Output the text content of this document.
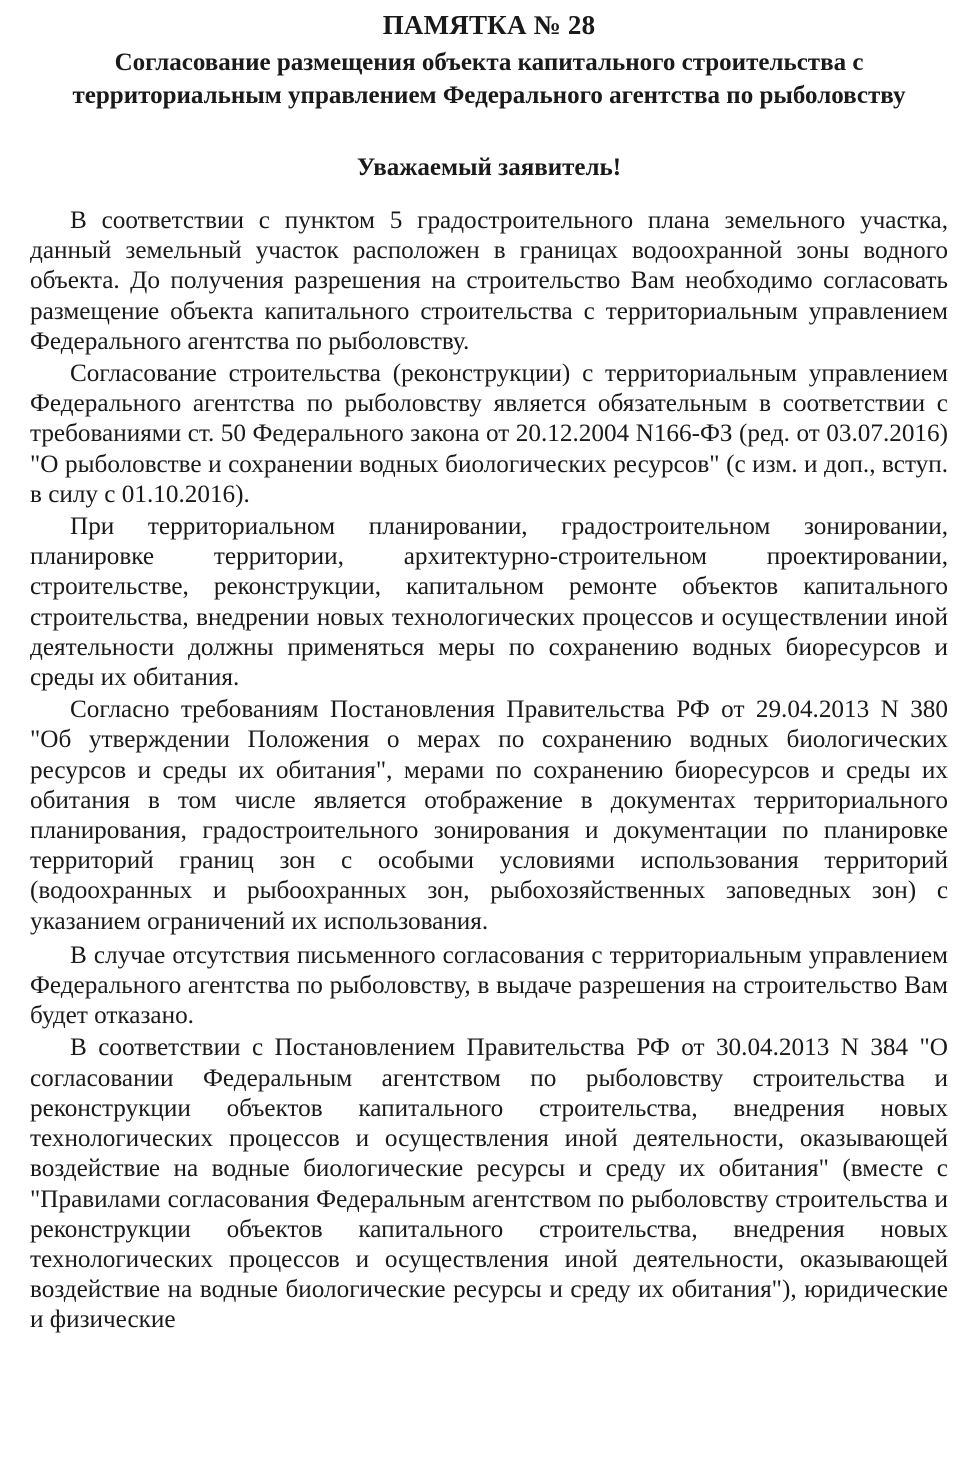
ПАМЯТКА № 28
Согласование размещения объекта капитального строительства с территориальным управлением Федерального агентства по рыболовству
Уважаемый заявитель!

В соответствии с пунктом 5 градостроительного плана земельного участка, данный земельный участок расположен в границах водоохранной зоны водного объекта. До получения разрешения на строительство Вам необходимо согласовать размещение объекта капитального строительства с территориальным управлением Федерального агентства по рыболовству.

Согласование строительства (реконструкции) с территориальным управлением Федерального агентства по рыболовству является обязательным в соответствии с требованиями ст. 50 Федерального закона от 20.12.2004 N166-ФЗ (ред. от 03.07.2016) "О рыболовстве и сохранении водных биологических ресурсов" (с изм. и доп., вступ. в силу с 01.10.2016).

При территориальном планировании, градостроительном зонировании, планировке территории, архитектурно-строительном проектировании, строительстве, реконструкции, капитальном ремонте объектов капитального строительства, внедрении новых технологических процессов и осуществлении иной деятельности должны применяться меры по сохранению водных биоресурсов и среды их обитания.

Согласно требованиям Постановления Правительства РФ от 29.04.2013 N 380 "Об утверждении Положения о мерах по сохранению водных биологических ресурсов и среды их обитания", мерами по сохранению биоресурсов и среды их обитания в том числе является отображение в документах территориального планирования, градостроительного зонирования и документации по планировке территорий границ зон с особыми условиями использования территорий (водоохранных и рыбоохранных зон, рыбохозяйственных заповедных зон) с указанием ограничений их использования.

В случае отсутствия письменного согласования с территориальным управлением Федерального агентства по рыболовству, в выдаче разрешения на строительство Вам будет отказано.

В соответствии с Постановлением Правительства РФ от 30.04.2013 N 384 "О согласовании Федеральным агентством по рыболовству строительства и реконструкции объектов капитального строительства, внедрения новых технологических процессов и осуществления иной деятельности, оказывающей воздействие на водные биологические ресурсы и среду их обитания" (вместе с "Правилами согласования Федеральным агентством по рыболовству строительства и реконструкции объектов капитального строительства, внедрения новых технологических процессов и осуществления иной деятельности, оказывающей воздействие на водные биологические ресурсы и среду их обитания"), юридические и физические
